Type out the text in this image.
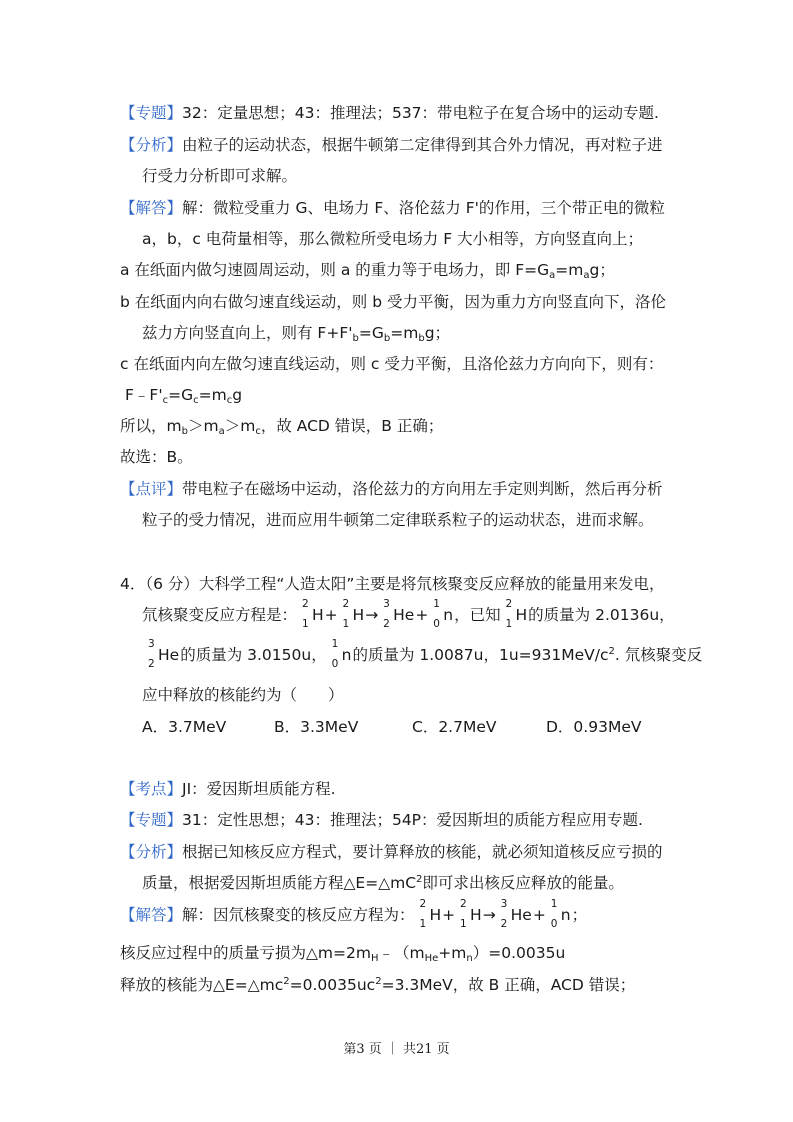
【专题】32：定量思想；43：推理法；537：带电粒子在复合场中的运动专题.
【分析】由粒子的运动状态，根据牛顿第二定律得到其合外力情况，再对粒子进
行受力分析即可求解。
【解答】解：微粒受重力 G、电场力 F、洛伦兹力 F'的作用，三个带正电的微粒
a，b，c 电荷量相等，那么微粒所受电场力 F 大小相等，方向竖直向上；
a 在纸面内做匀速圆周运动，则 a 的重力等于电场力，即 $F=G_a=m_ag$；
b 在纸面内向右做匀速直线运动，则 b 受力平衡，因为重力方向竖直向下，洛伦
兹力方向竖直向上，则有 $F+F'_b=G_b=m_bg$；
c 在纸面内向左做匀速直线运动，则 c 受力平衡，且洛伦兹力方向向下，则有：
$F﹣F'_c=G_c=m_cg$
所以，$m_b>m_a>m_c$，故 ACD 错误，B 正确；
故选：B。
【点评】带电粒子在磁场中运动，洛伦兹力的方向用左手定则判断，然后再分析
粒子的受力情况，进而应用牛顿第二定律联系粒子的运动状态，进而求解。
4．（6 分）大科学工程“人造太阳”主要是将氘核聚变反应释放的能量用来发电，
氘核聚变反应方程是：
2
1 H+
2
1 H→
3
2 He+
1
0 n，已知
2
1 H的质量为 2.0136u，
3
2 He的质量为 3.0150u，
1
0 n的质量为 1.0087u，$1u=931MeV/c^2$. 氘核聚变反
应中释放的核能约为（　　）
A．3.7MeV	B．3.3MeV	C．2.7MeV	D．0.93MeV
【考点】JI：爱因斯坦质能方程.
【专题】31：定性思想；43：推理法；54P：爱因斯坦的质能方程应用专题.
【分析】根据已知核反应方程式，要计算释放的核能，就必须知道核反应亏损的
质量，根据爱因斯坦质能方程$\triangle E=\triangle mC^2$即可求出核反应释放的能量。
【解答】解：因氘核聚变的核反应方程为：
2
1 H+
2
1 H→
3
2 He+
1
0 n；
核反应过程中的质量亏损为$\triangle m=2m_H﹣(m_{He}+m_n)=0.0035u$
释放的核能为$\triangle E=\triangle mc^2=0.0035uc^2=3.3MeV$，故 B 正确，ACD 错误；
第3 页 ｜ 共21 页
